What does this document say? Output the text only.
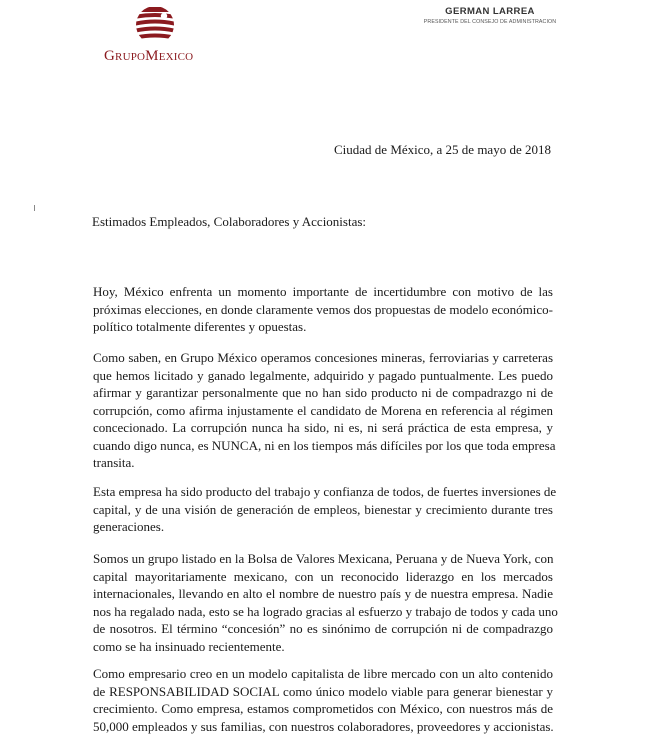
GrupoMexico
GERMAN LARREA
PRESIDENTE DEL CONSEJO DE ADMINISTRACION
Ciudad de México, a 25 de mayo de 2018
Estimados Empleados, Colaboradores y Accionistas:
Hoy, México enfrenta un momento importante de incertidumbre con motivo de las
próximas elecciones, en donde claramente vemos dos propuestas de modelo económico-
político totalmente diferentes y opuestas.
Como saben, en Grupo México operamos concesiones mineras, ferroviarias y carreteras
que hemos licitado y ganado legalmente, adquirido y pagado puntualmente. Les puedo
afirmar y garantizar personalmente que no han sido producto ni de compadrazgo ni de
corrupción, como afirma injustamente el candidato de Morena en referencia al régimen
concecionado. La corrupción nunca ha sido, ni es, ni será práctica de esta empresa, y
cuando digo nunca, es NUNCA, ni en los tiempos más difíciles por los que toda empresa
transita.
Esta empresa ha sido producto del trabajo y confianza de todos, de fuertes inversiones de
capital, y de una visión de generación de empleos, bienestar y crecimiento durante tres
generaciones.
Somos un grupo listado en la Bolsa de Valores Mexicana, Peruana y de Nueva York, con
capital mayoritariamente mexicano, con un reconocido liderazgo en los mercados
internacionales, llevando en alto el nombre de nuestro país y de nuestra empresa. Nadie
nos ha regalado nada, esto se ha logrado gracias al esfuerzo y trabajo de todos y cada uno
de nosotros. El término “concesión” no es sinónimo de corrupción ni de compadrazgo
como se ha insinuado recientemente.
Como empresario creo en un modelo capitalista de libre mercado con un alto contenido
de RESPONSABILIDAD SOCIAL como único modelo viable para generar bienestar y
crecimiento. Como empresa, estamos comprometidos con México, con nuestros más de
50,000 empleados y sus familias, con nuestros colaboradores, proveedores y accionistas.
